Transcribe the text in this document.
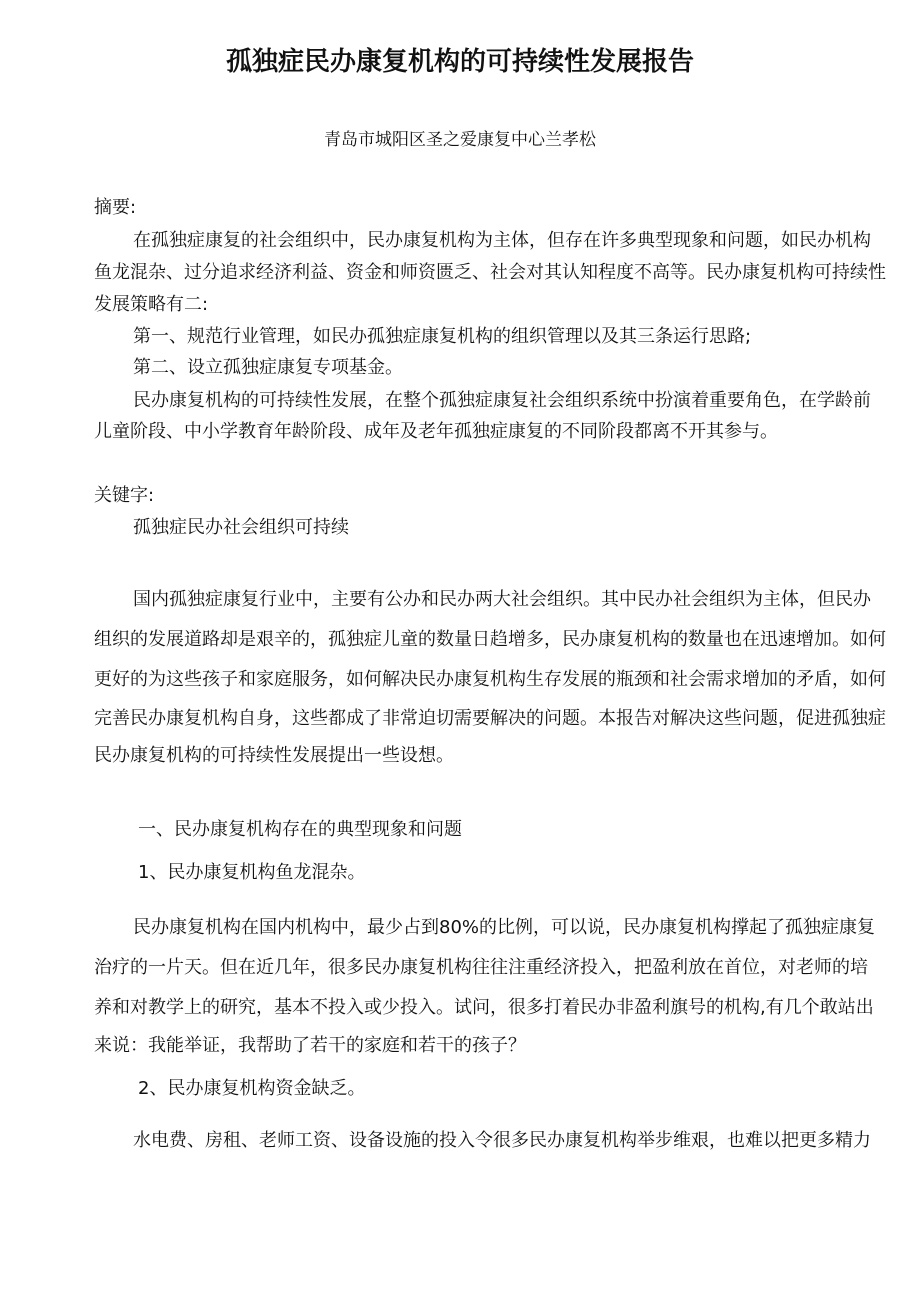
孤独症民办康复机构的可持续性发展报告
青岛市城阳区圣之爱康复中心兰孝松
摘要:
在孤独症康复的社会组织中，民办康复机构为主体，但存在许多典型现象和问题，如民办机构
鱼龙混杂、过分追求经济利益、资金和师资匮乏、社会对其认知程度不高等。民办康复机构可持续性
发展策略有二:
第一、规范行业管理，如民办孤独症康复机构的组织管理以及其三条运行思路;
第二、设立孤独症康复专项基金。
民办康复机构的可持续性发展，在整个孤独症康复社会组织系统中扮演着重要角色，在学龄前
儿童阶段、中小学教育年龄阶段、成年及老年孤独症康复的不同阶段都离不开其参与。
关键字:
孤独症民办社会组织可持续
国内孤独症康复行业中，主要有公办和民办两大社会组织。其中民办社会组织为主体，但民办
组织的发展道路却是艰辛的，孤独症儿童的数量日趋增多，民办康复机构的数量也在迅速增加。如何
更好的为这些孩子和家庭服务，如何解决民办康复机构生存发展的瓶颈和社会需求增加的矛盾，如何
完善民办康复机构自身，这些都成了非常迫切需要解决的问题。本报告对解决这些问题，促进孤独症
民办康复机构的可持续性发展提出一些设想。
一、民办康复机构存在的典型现象和问题
1、民办康复机构鱼龙混杂。
民办康复机构在国内机构中，最少占到80%的比例，可以说，民办康复机构撑起了孤独症康复
治疗的一片天。但在近几年，很多民办康复机构往往注重经济投入，把盈利放在首位，对老师的培
养和对教学上的研究，基本不投入或少投入。试问，很多打着民办非盈利旗号的机构,有几个敢站出
来说：我能举证，我帮助了若干的家庭和若干的孩子？
2、民办康复机构资金缺乏。
水电费、房租、老师工资、设备设施的投入令很多民办康复机构举步维艰，也难以把更多精力
